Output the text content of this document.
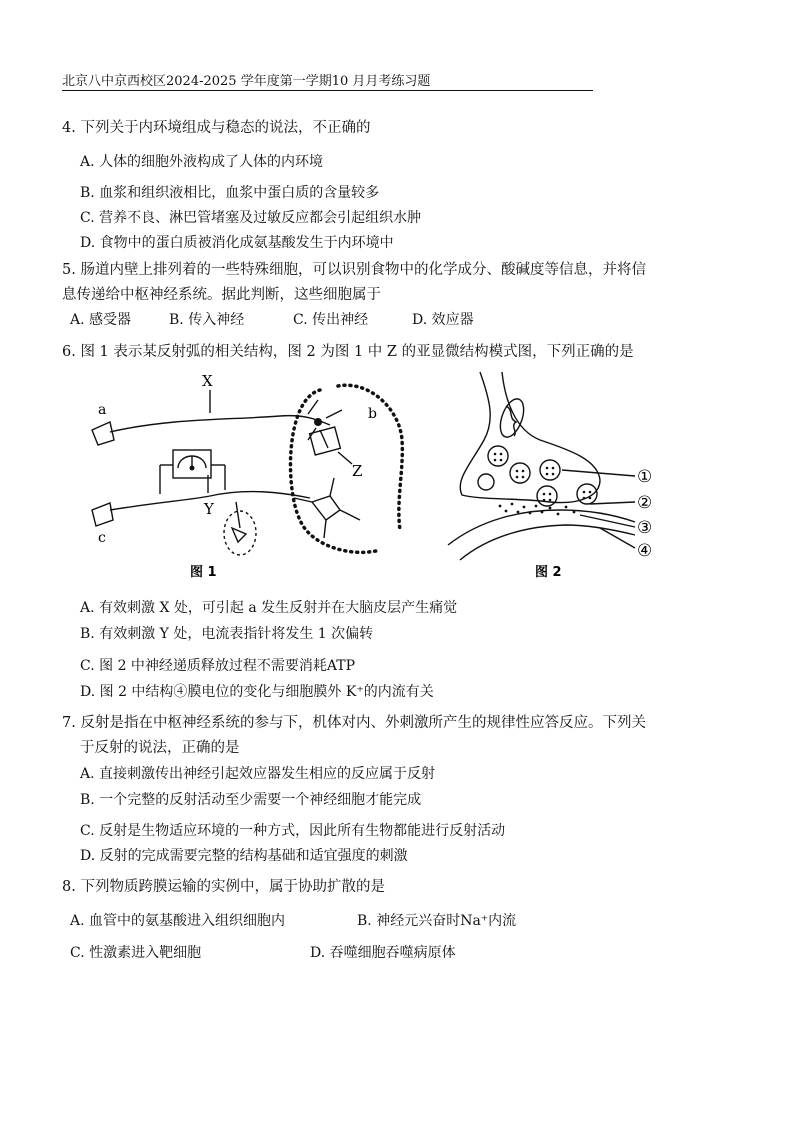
北京八中京西校区2024-2025 学年度第一学期10 月月考练习题
4. 下列关于内环境组成与稳态的说法，不正确的
A. 人体的细胞外液构成了人体的内环境
B. 血浆和组织液相比，血浆中蛋白质的含量较多
C. 营养不良、淋巴管堵塞及过敏反应都会引起组织水肿
D. 食物中的蛋白质被消化成氨基酸发生于内环境中
5. 肠道内壁上排列着的一些特殊细胞，可以识别食物中的化学成分、酸碱度等信息，并将信
息传递给中枢神经系统。据此判断，这些细胞属于
A. 感受器	B. 传入神经	C. 传出神经	D. 效应器
6. 图 1 表示某反射弧的相关结构，图 2 为图 1 中 Z 的亚显微结构模式图，下列正确的是
X
Y
Z
a	b
c
图 1
①
②
③
④
图 2
A. 有效刺激 X 处，可引起 a 发生反射并在大脑皮层产生痛觉
B. 有效刺激 Y 处，电流表指针将发生 1 次偏转
C. 图 2 中神经递质释放过程不需要消耗ATP
D. 图 2 中结构④膜电位的变化与细胞膜外 K⁺的内流有关
7. 反射是指在中枢神经系统的参与下，机体对内、外刺激所产生的规律性应答反应。下列关
于反射的说法，正确的是
A. 直接刺激传出神经引起效应器发生相应的反应属于反射
B. 一个完整的反射活动至少需要一个神经细胞才能完成
C. 反射是生物适应环境的一种方式，因此所有生物都能进行反射活动
D. 反射的完成需要完整的结构基础和适宜强度的刺激
8. 下列物质跨膜运输的实例中，属于协助扩散的是
A. 血管中的氨基酸进入组织细胞内	B. 神经元兴奋时Na⁺内流
C. 性激素进入靶细胞	D. 吞噬细胞吞噬病原体
